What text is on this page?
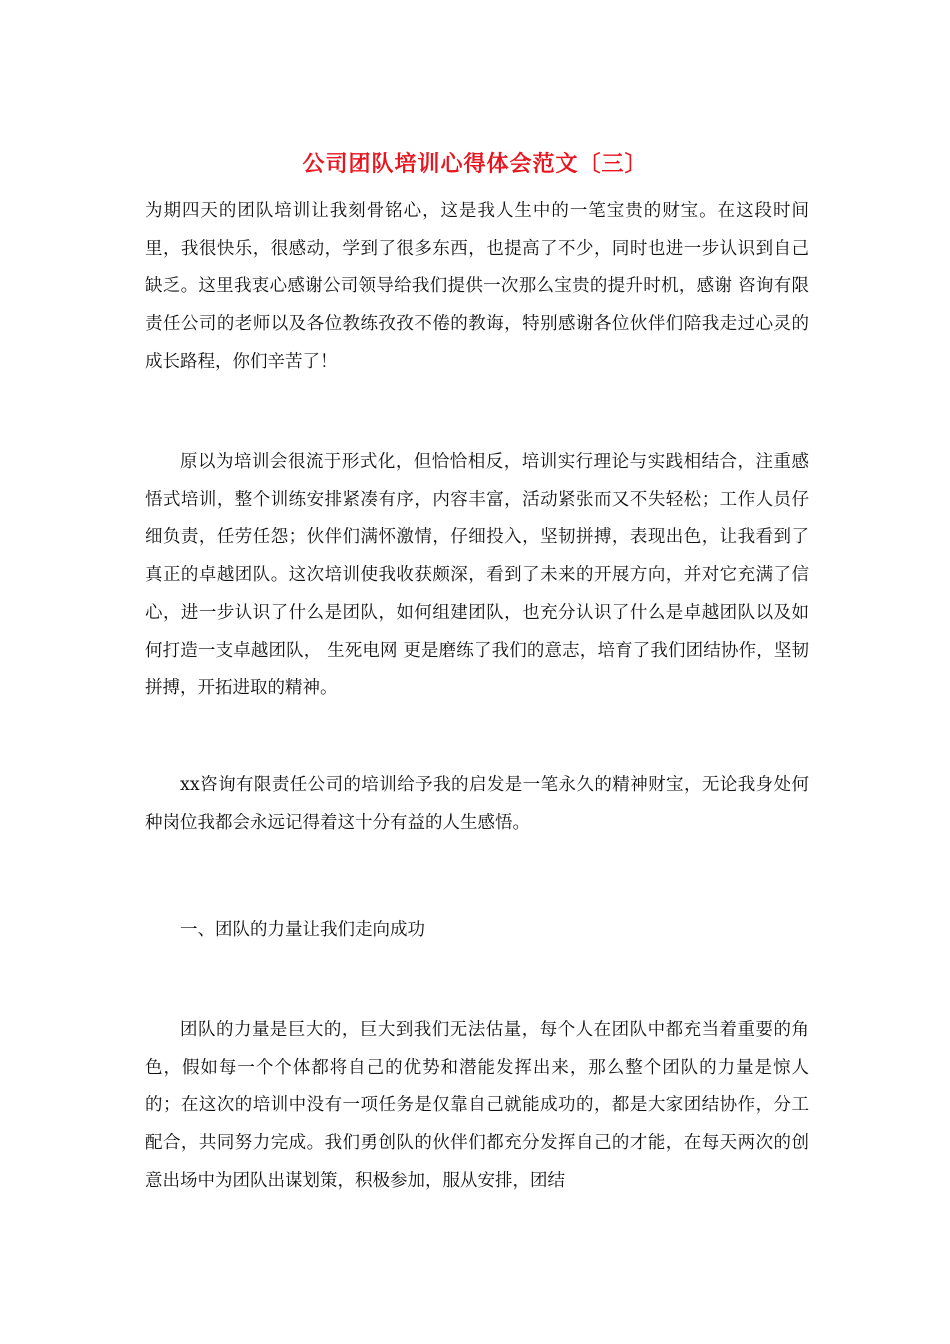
公司团队培训心得体会范文〔三〕

为期四天的团队培训让我刻骨铭心，这是我人生中的一笔宝贵的财宝。在这段时间里，我很快乐，很感动，学到了很多东西，也提高了不少，同时也进一步认识到自己缺乏。这里我衷心感谢公司领导给我们提供一次那么宝贵的提升时机，感谢 咨询有限责任公司的老师以及各位教练孜孜不倦的教诲，特别感谢各位伙伴们陪我走过心灵的成长路程，你们辛苦了！

原以为培训会很流于形式化，但恰恰相反，培训实行理论与实践相结合，注重感悟式培训，整个训练安排紧凑有序，内容丰富，活动紧张而又不失轻松；工作人员仔细负责，任劳任怨；伙伴们满怀激情，仔细投入，坚韧拼搏，表现出色，让我看到了真正的卓越团队。这次培训使我收获颇深，看到了未来的开展方向，并对它充满了信心，进一步认识了什么是团队，如何组建团队，也充分认识了什么是卓越团队以及如何打造一支卓越团队， 生死电网 更是磨练了我们的意志，培育了我们团结协作，坚韧拼搏，开拓进取的精神。

xx咨询有限责任公司的培训给予我的启发是一笔永久的精神财宝，无论我身处何种岗位我都会永远记得着这十分有益的人生感悟。

一、团队的力量让我们走向成功

团队的力量是巨大的，巨大到我们无法估量，每个人在团队中都充当着重要的角色，假如每一个个体都将自己的优势和潜能发挥出来，那么整个团队的力量是惊人的；在这次的培训中没有一项任务是仅靠自己就能成功的，都是大家团结协作，分工配合，共同努力完成。我们勇创队的伙伴们都充分发挥自己的才能，在每天两次的创意出场中为团队出谋划策，积极参加，服从安排，团结
